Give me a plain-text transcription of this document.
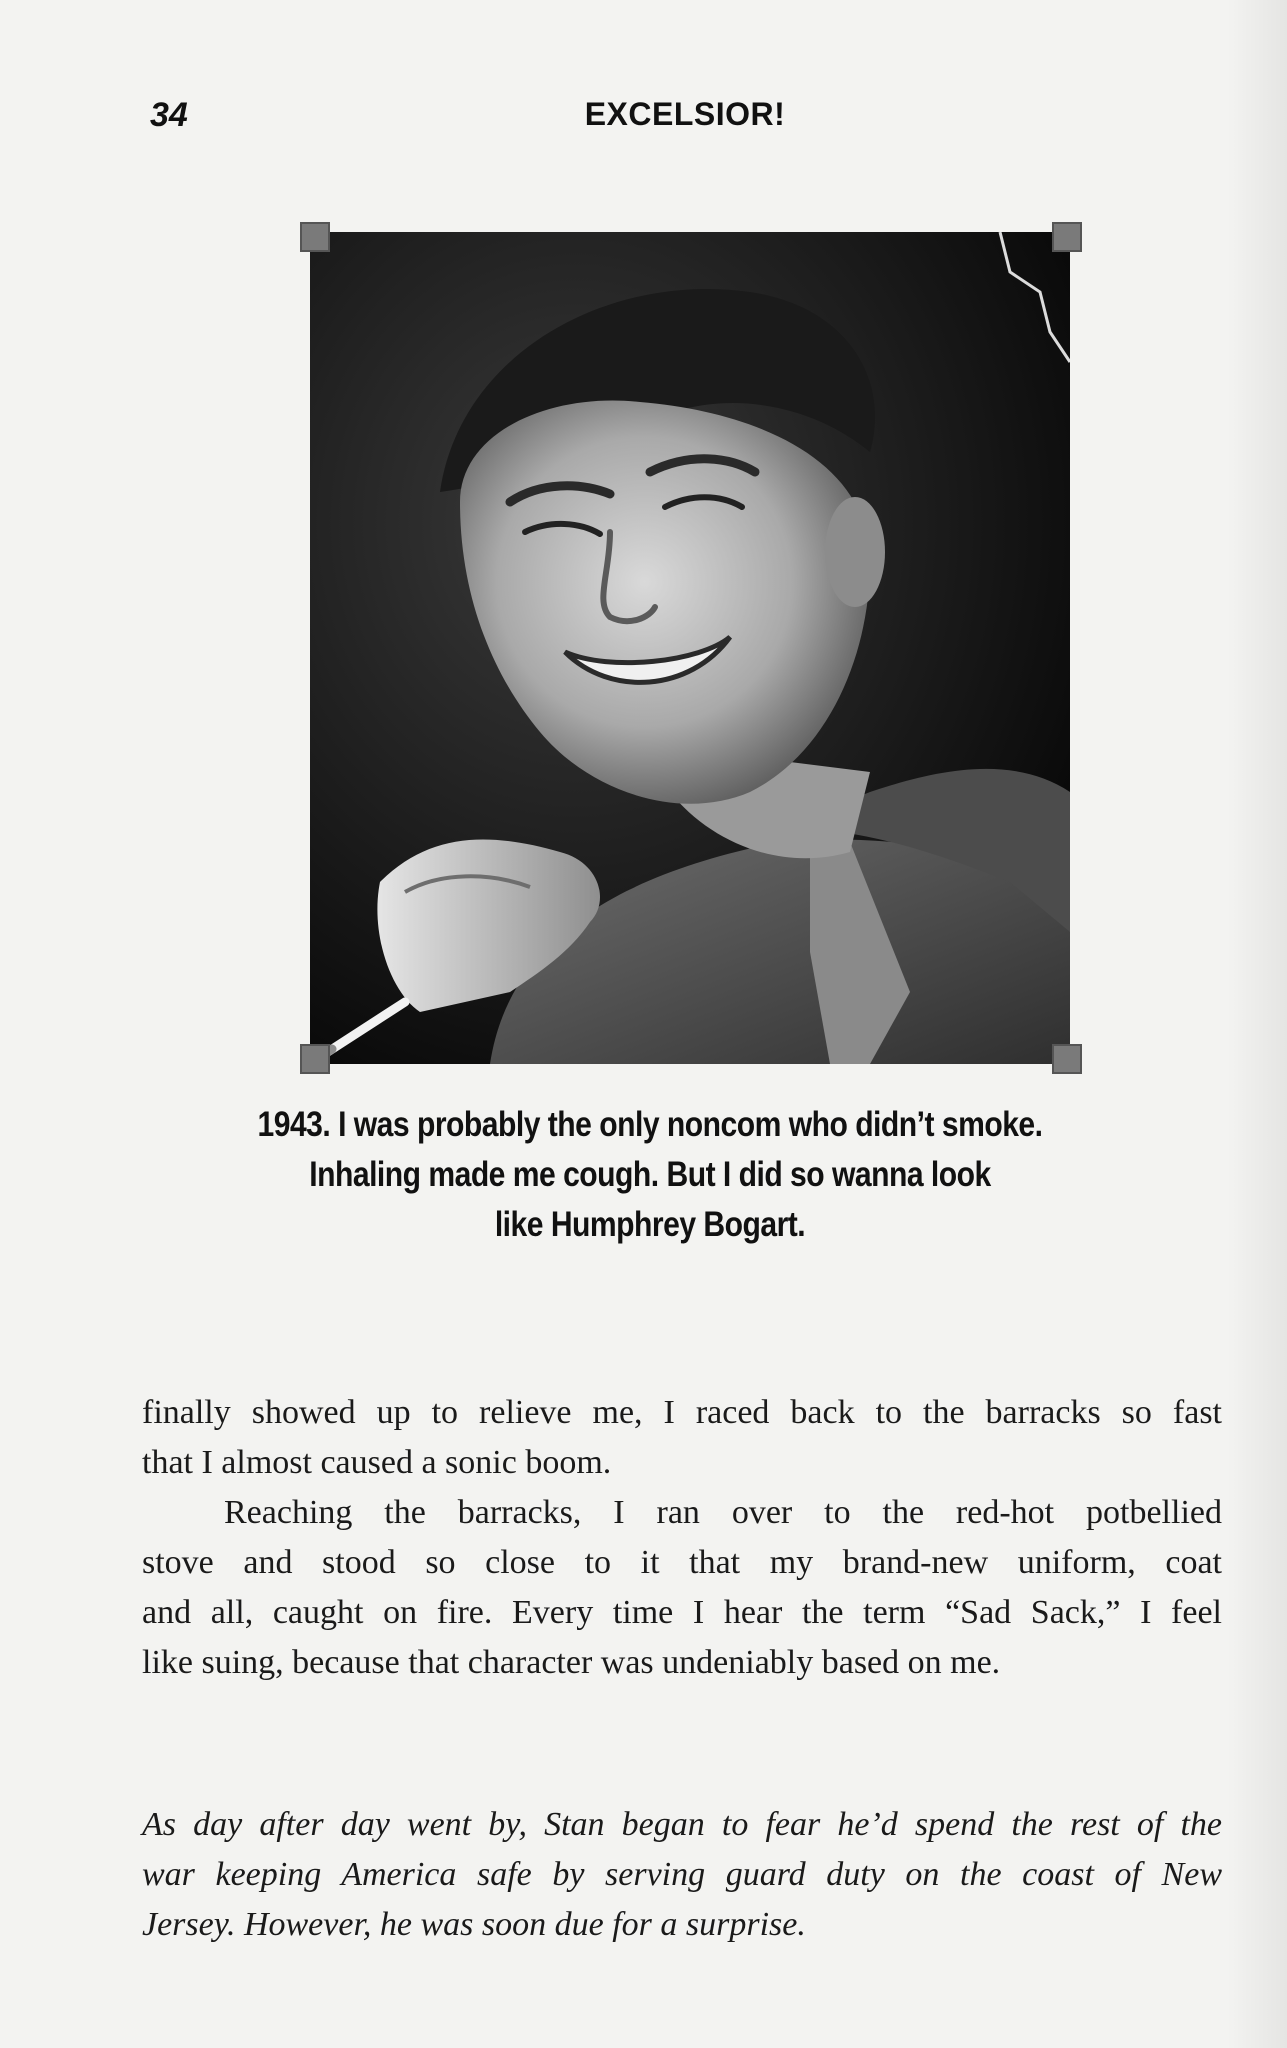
34	EXCELSIOR!
1943. I was probably the only noncom who didn’t smoke.
Inhaling made me cough. But I did so wanna look
like Humphrey Bogart.
finally showed up to relieve me, I raced back to the barracks so fast
that I almost caused a sonic boom.
Reaching the barracks, I ran over to the red-hot potbellied
stove and stood so close to it that my brand-new uniform, coat
and all, caught on fire. Every time I hear the term “Sad Sack,” I feel
like suing, because that character was undeniably based on me.
As day after day went by, Stan began to fear he’d spend the rest of the
war keeping America safe by serving guard duty on the coast of New
Jersey. However, he was soon due for a surprise.
